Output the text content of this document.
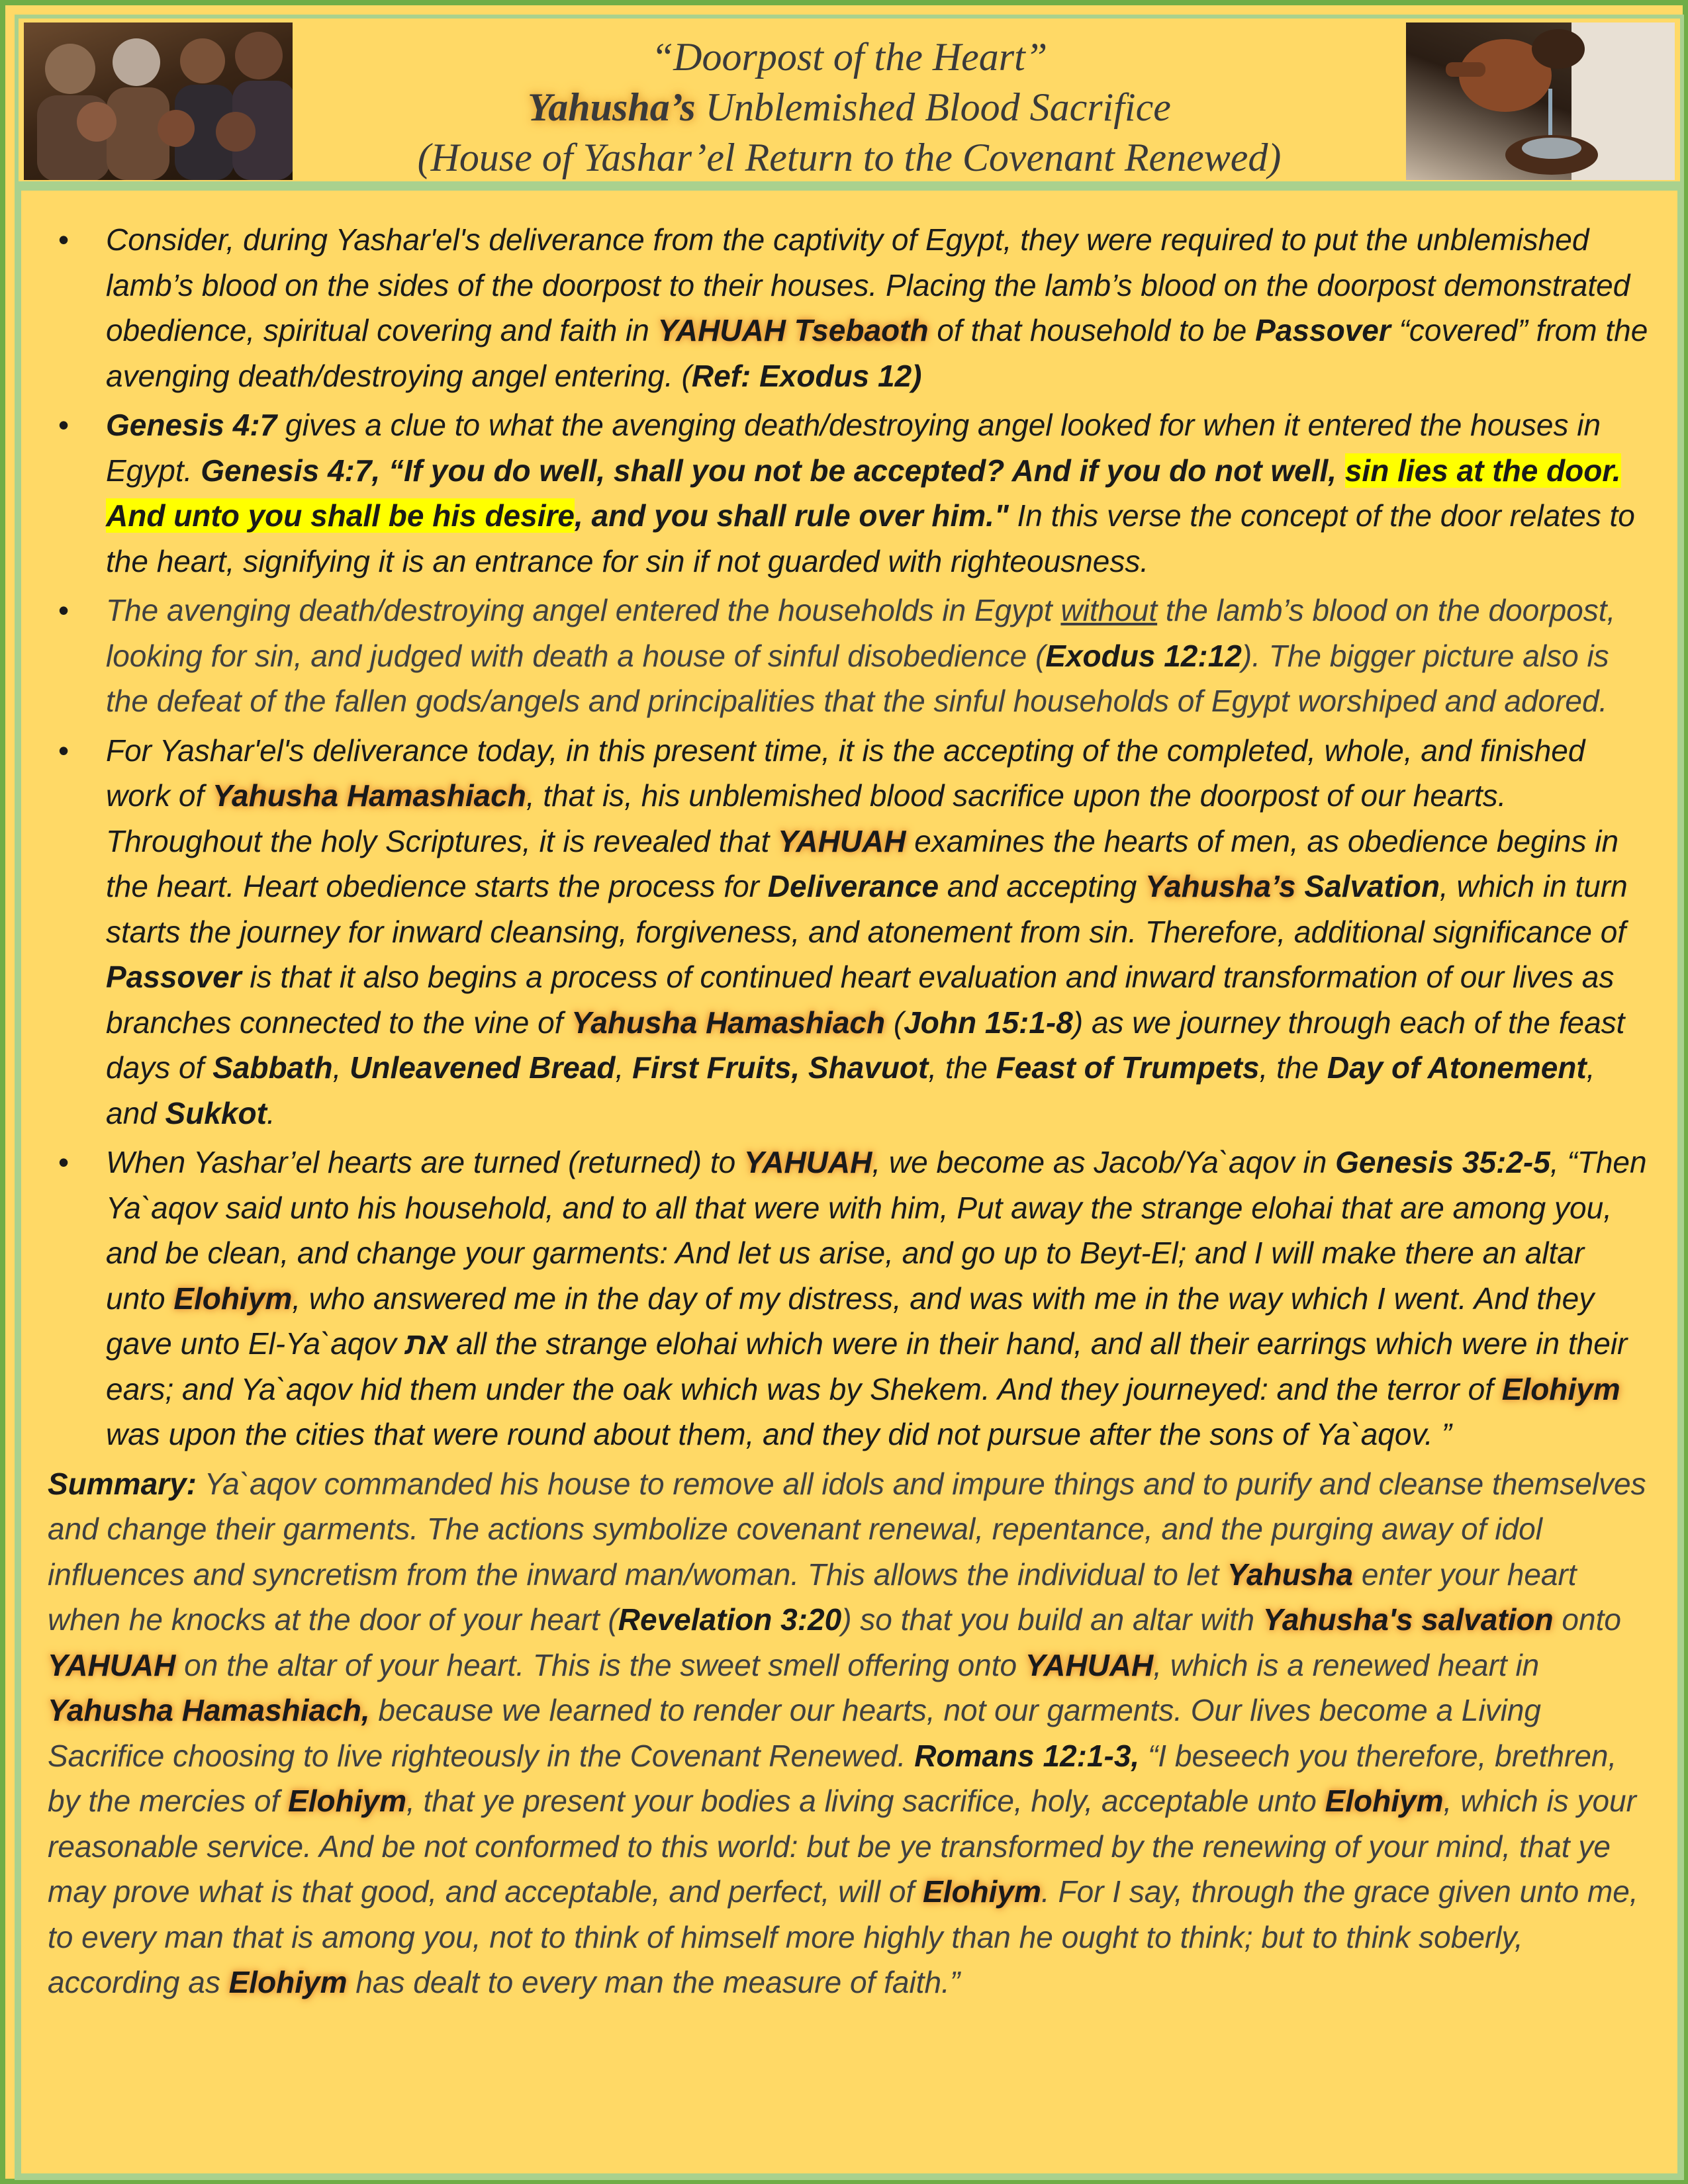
“Doorpost of the Heart”
Yahusha’s Unblemished Blood Sacrifice
(House of Yashar’el Return to the Covenant Renewed)
• Consider, during Yashar'el's deliverance from the captivity of Egypt, they were required to put the unblemished lamb’s blood on the sides of the doorpost to their houses. Placing the lamb’s blood on the doorpost demonstrated obedience, spiritual covering and faith in YAHUAH Tsebaoth of that household to be Passover “covered” from the avenging death/destroying angel entering. (Ref: Exodus 12)
• Genesis 4:7 gives a clue to what the avenging death/destroying angel looked for when it entered the houses in Egypt. Genesis 4:7, “If you do well, shall you not be accepted? And if you do not well, sin lies at the door. And unto you shall be his desire, and you shall rule over him." In this verse the concept of the door relates to the heart, signifying it is an entrance for sin if not guarded with righteousness.
• The avenging death/destroying angel entered the households in Egypt without the lamb’s blood on the doorpost, looking for sin, and judged with death a house of sinful disobedience (Exodus 12:12). The bigger picture also is the defeat of the fallen gods/angels and principalities that the sinful households of Egypt worshiped and adored.
• For Yashar'el's deliverance today, in this present time, it is the accepting of the completed, whole, and finished work of Yahusha Hamashiach, that is, his unblemished blood sacrifice upon the doorpost of our hearts. Throughout the holy Scriptures, it is revealed that YAHUAH examines the hearts of men, as obedience begins in the heart. Heart obedience starts the process for Deliverance and accepting Yahusha’s Salvation, which in turn starts the journey for inward cleansing, forgiveness, and atonement from sin. Therefore, additional significance of Passover is that it also begins a process of continued heart evaluation and inward transformation of our lives as branches connected to the vine of Yahusha Hamashiach (John 15:1-8) as we journey through each of the feast days of Sabbath, Unleavened Bread, First Fruits, Shavuot, the Feast of Trumpets, the Day of Atonement, and Sukkot.
• When Yashar’el hearts are turned (returned) to YAHUAH, we become as Jacob/Ya`aqov in Genesis 35:2-5, “Then Ya`aqov said unto his household, and to all that were with him, Put away the strange elohai that are among you, and be clean, and change your garments: And let us arise, and go up to Beyt-El; and I will make there an altar unto Elohiym, who answered me in the day of my distress, and was with me in the way which I went. And they gave unto El-Ya`aqov את all the strange elohai which were in their hand, and all their earrings which were in their ears; and Ya`aqov hid them under the oak which was by Shekem. And they journeyed: and the terror of Elohiym was upon the cities that were round about them, and they did not pursue after the sons of Ya`aqov. ”
Summary: Ya`aqov commanded his house to remove all idols and impure things and to purify and cleanse themselves and change their garments. The actions symbolize covenant renewal, repentance, and the purging away of idol influences and syncretism from the inward man/woman. This allows the individual to let Yahusha enter your heart when he knocks at the door of your heart (Revelation 3:20) so that you build an altar with Yahusha's salvation onto YAHUAH on the altar of your heart. This is the sweet smell offering onto YAHUAH, which is a renewed heart in Yahusha Hamashiach, because we learned to render our hearts, not our garments. Our lives become a Living Sacrifice choosing to live righteously in the Covenant Renewed. Romans 12:1-3, “I beseech you therefore, brethren, by the mercies of Elohiym, that ye present your bodies a living sacrifice, holy, acceptable unto Elohiym, which is your reasonable service. And be not conformed to this world: but be ye transformed by the renewing of your mind, that ye may prove what is that good, and acceptable, and perfect, will of Elohiym. For I say, through the grace given unto me, to every man that is among you, not to think of himself more highly than he ought to think; but to think soberly, according as Elohiym has dealt to every man the measure of faith.”
